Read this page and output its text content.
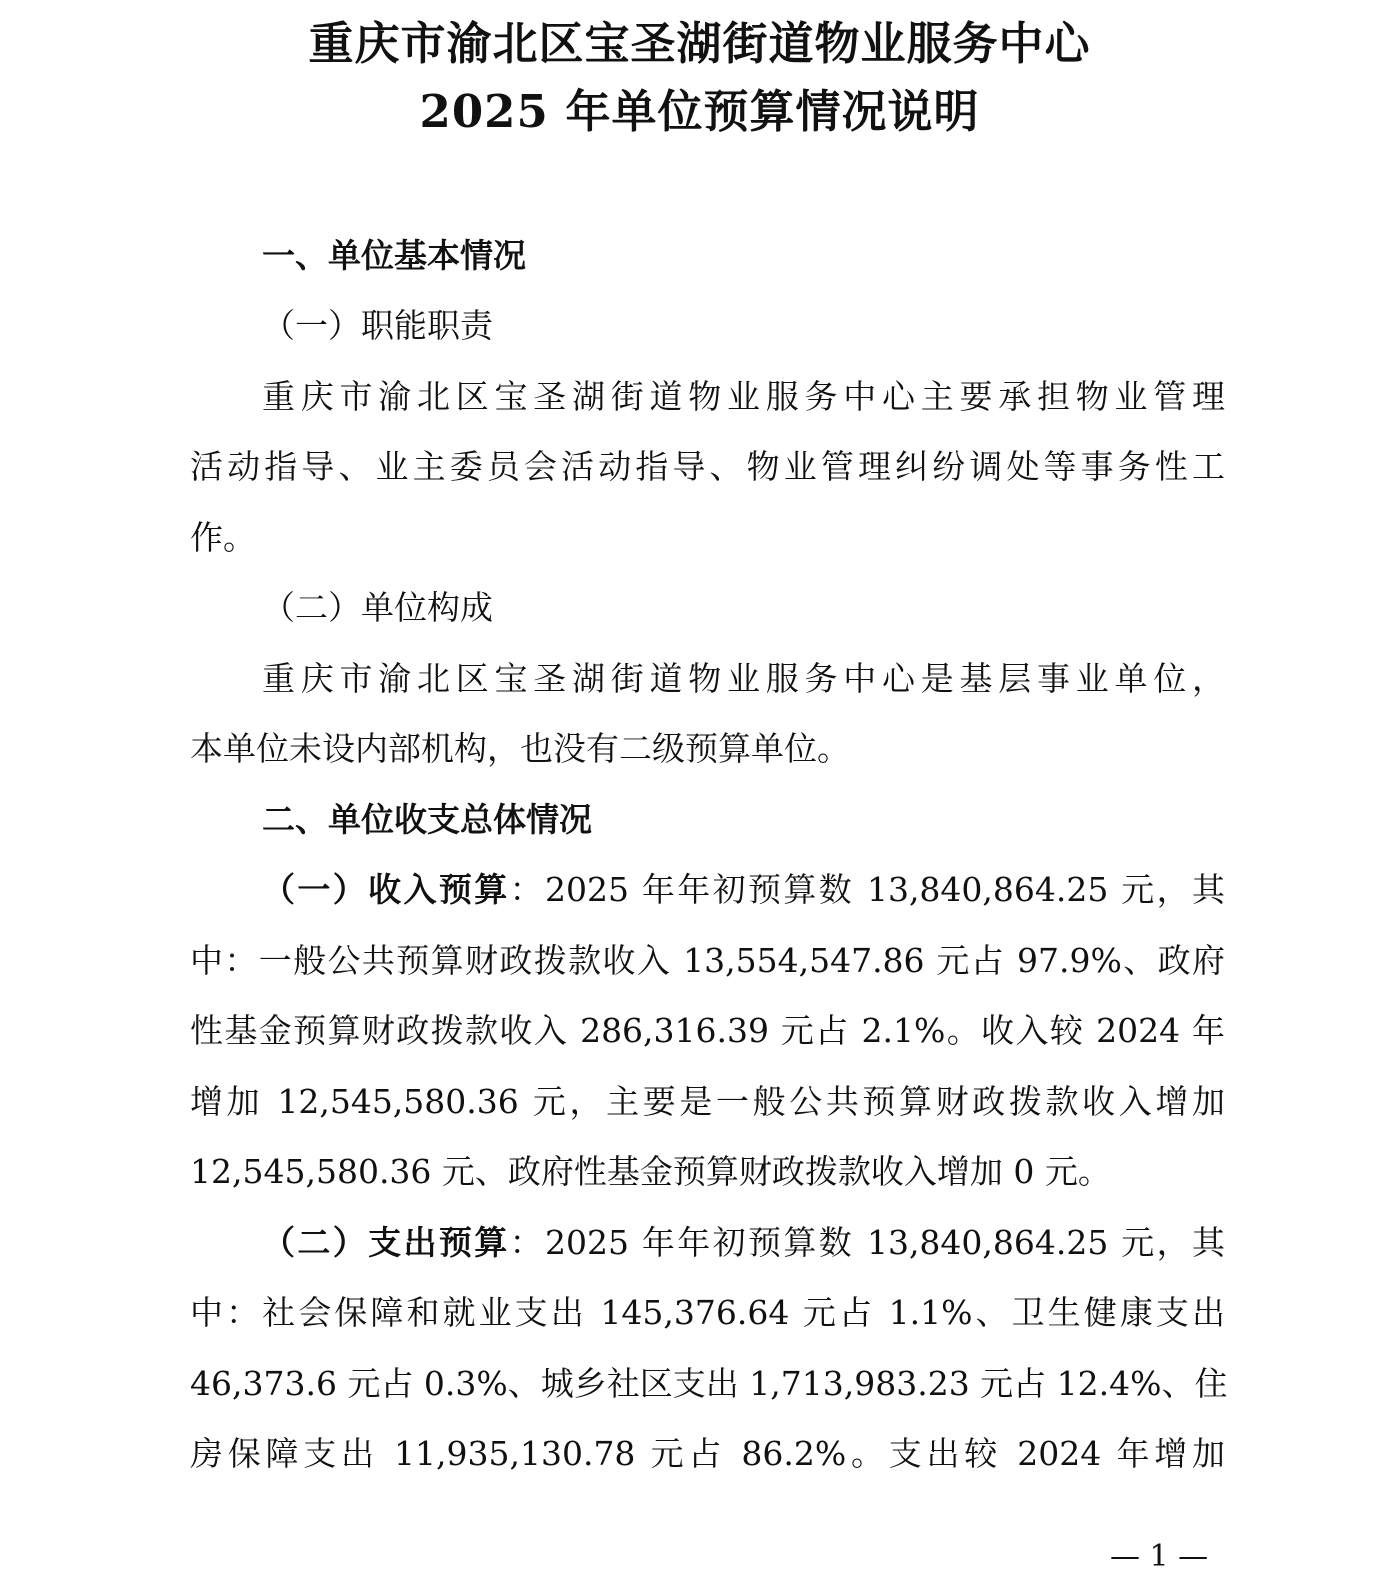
重庆市渝北区宝圣湖街道物业服务中心
2025 年单位预算情况说明
一、单位基本情况
（一）职能职责
重庆市渝北区宝圣湖街道物业服务中心主要承担物业管理
活动指导、业主委员会活动指导、物业管理纠纷调处等事务性工
作。
（二）单位构成
重庆市渝北区宝圣湖街道物业服务中心是基层事业单位，
本单位未设内部机构，也没有二级预算单位。
二、单位收支总体情况
（一）收入预算：2025 年年初预算数 13,840,864.25 元，其
中：一般公共预算财政拨款收入 13,554,547.86 元占 97.9%、政府
性基金预算财政拨款收入 286,316.39 元占 2.1%。收入较 2024 年
增加 12,545,580.36 元，主要是一般公共预算财政拨款收入增加
12,545,580.36 元、政府性基金预算财政拨款收入增加 0 元。
（二）支出预算：2025 年年初预算数 13,840,864.25 元，其
中：社会保障和就业支出 145,376.64 元占 1.1%、卫生健康支出
46,373.6 元占 0.3%、城乡社区支出 1,713,983.23 元占 12.4%、住
房保障支出 11,935,130.78 元占 86.2%。支出较 2024 年增加
— 1 —
